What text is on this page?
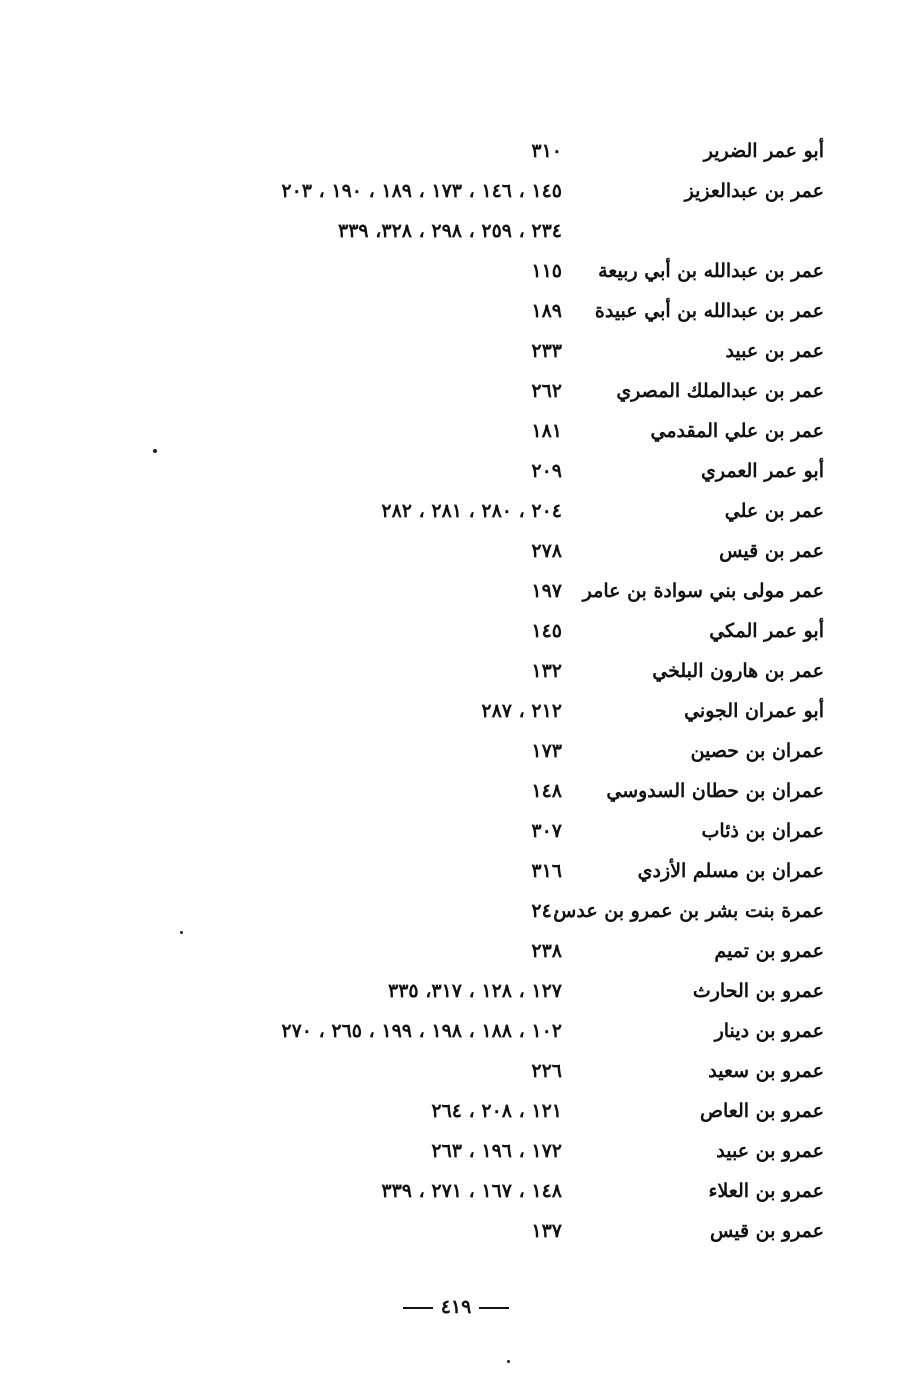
أبو عمر الضرير
٣١٠
عمر بن عبدالعزيز
١٤٥ ، ١٤٦ ، ١٧٣ ، ١٨٩ ، ١٩٠ ، ٢٠٣
٢٣٤ ، ٢٥٩ ، ٢٩٨ ، ٣٢٨، ٣٣٩
عمر بن عبدالله بن أبي ربيعة
١١٥
عمر بن عبدالله بن أبي عبيدة
١٨٩
عمر بن عبيد
٢٣٣
عمر بن عبدالملك المصري
٢٦٢
عمر بن علي المقدمي
١٨١
أبو عمر العمري
٢٠٩
عمر بن علي
٢٠٤ ، ٢٨٠ ، ٢٨١ ، ٢٨٢
عمر بن قيس
٢٧٨
عمر مولى بني سوادة بن عامر
١٩٧
أبو عمر المكي
١٤٥
عمر بن هارون البلخي
١٣٢
أبو عمران الجوني
٢١٢ ، ٢٨٧
عمران بن حصين
١٧٣
عمران بن حطان السدوسي
١٤٨
عمران بن ذئاب
٣٠٧
عمران بن مسلم الأزدي
٣١٦
عمرة بنت بشر بن عمرو بن عدس
٢٤٠
عمرو بن تميم
٢٣٨
عمرو بن الحارث
١٢٧ ، ١٢٨ ، ٣١٧، ٣٣٥
عمرو بن دينار
١٠٢ ، ١٨٨ ، ١٩٨ ، ١٩٩ ، ٢٦٥ ، ٢٧٠
عمرو بن سعيد
٢٢٦
عمرو بن العاص
١٢١ ، ٢٠٨ ، ٢٦٤
عمرو بن عبيد
١٧٢ ، ١٩٦ ، ٢٦٣
عمرو بن العلاء
١٤٨ ، ١٦٧ ، ٢٧١ ، ٣٣٩
عمرو بن قيس
١٣٧
٤١٩
